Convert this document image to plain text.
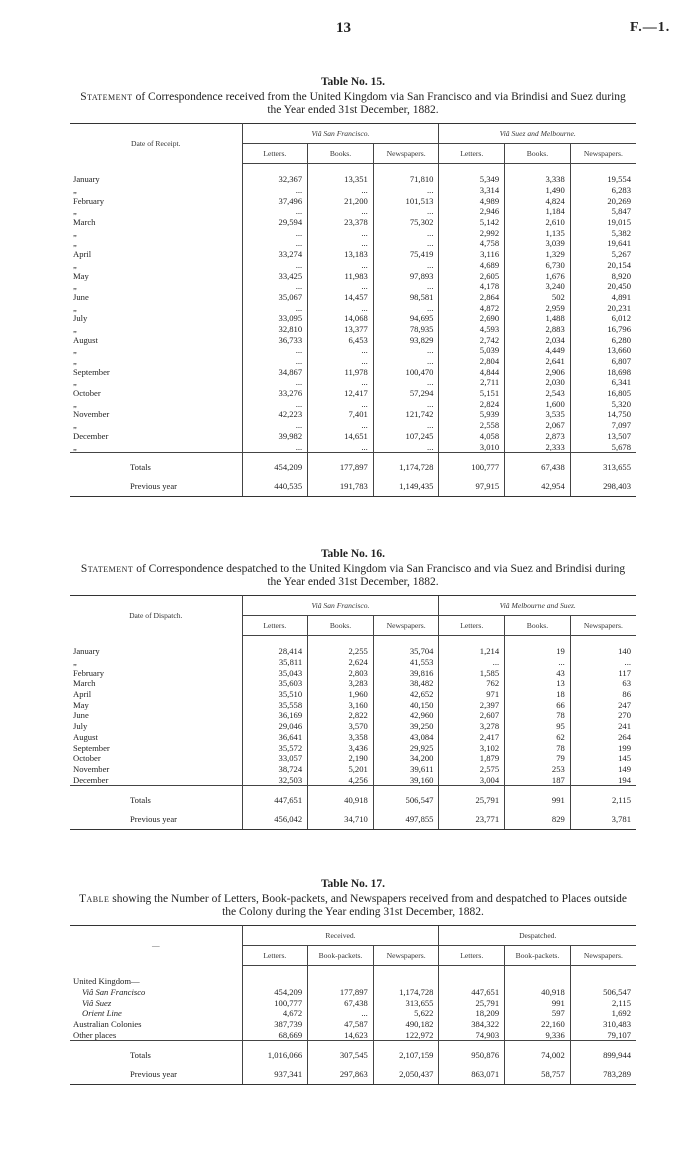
13	F.—1.
Table No. 15.
Statement of Correspondence received from the United Kingdom via San Francisco and via Brindisi and Suez during the Year ended 31st December, 1882.
Date of Receipt.	Viâ San Francisco.			Viâ Suez and Melbourne.		
	Letters.	Books.	Newspapers.	Letters.	Books.	Newspapers.
January	32,367	13,351	71,810	5,349	3,338	19,554
„	...	...	...	3,314	1,490	6,283
February	37,496	21,200	101,513	4,989	4,824	20,269
„	...	...	...	2,946	1,184	5,847
March	29,594	23,378	75,302	5,142	2,610	19,015
„	...	...	...	2,992	1,135	5,382
„	...	...	...	4,758	3,039	19,641
April	33,274	13,183	75,419	3,116	1,329	5,267
„	...	...	...	4,689	6,730	20,154
May	33,425	11,983	97,893	2,605	1,676	8,920
„	...	...	...	4,178	3,240	20,450
June	35,067	14,457	98,581	2,864	502	4,891
„	...	...	...	4,872	2,959	20,231
July	33,095	14,068	94,695	2,690	1,488	6,012
„	32,810	13,377	78,935	4,593	2,883	16,796
August	36,733	6,453	93,829	2,742	2,034	6,280
„	...	...	...	5,039	4,449	13,660
„	...	...	...	2,804	2,641	6,807
September	34,867	11,978	100,470	4,844	2,906	18,698
„	...	...	...	2,711	2,030	6,341
October	33,276	12,417	57,294	5,151	2,543	16,805
„	...	...	...	2,824	1,600	5,320
November	42,223	7,401	121,742	5,939	3,535	14,750
„	...	...	...	2,558	2,067	7,097
December	39,982	14,651	107,245	4,058	2,873	13,507
„	...	...	...	3,010	2,333	5,678
Totals	454,209	177,897	1,174,728	100,777	67,438	313,655
Previous year	440,535	191,783	1,149,435	97,915	42,954	298,403
Table No. 16.
Statement of Correspondence despatched to the United Kingdom via San Francisco and via Suez and Brindisi during the Year ended 31st December, 1882.
Date of Dispatch.	Viâ San Francisco.			Viâ Melbourne and Suez.		
	Letters.	Books.	Newspapers.	Letters.	Books.	Newspapers.
January	28,414	2,255	35,704	1,214	19	140
„	35,811	2,624	41,553	...	...	...
February	35,043	2,803	39,816	1,585	43	117
March	35,603	3,283	38,482	762	13	63
April	35,510	1,960	42,652	971	18	86
May	35,558	3,160	40,150	2,397	66	247
June	36,169	2,822	42,960	2,607	78	270
July	29,046	3,570	39,250	3,278	95	241
August	36,641	3,358	43,084	2,417	62	264
September	35,572	3,436	29,925	3,102	78	199
October	33,057	2,190	34,200	1,879	79	145
November	38,724	5,201	39,611	2,575	253	149
December	32,503	4,256	39,160	3,004	187	194
Totals	447,651	40,918	506,547	25,791	991	2,115
Previous year	456,042	34,710	497,855	23,771	829	3,781
Table No. 17.
Table showing the Number of Letters, Book-packets, and Newspapers received from and despatched to Places outside the Colony during the Year ending 31st December, 1882.
—	Received.			Despatched.		
	Letters.	Book-packets.	Newspapers.	Letters.	Book-packets.	Newspapers.
United Kingdom—						
Viâ San Francisco	454,209	177,897	1,174,728	447,651	40,918	506,547
Viâ Suez	100,777	67,438	313,655	25,791	991	2,115
Orient Line	4,672	...	5,622	18,209	597	1,692
Australian Colonies	387,739	47,587	490,182	384,322	22,160	310,483
Other places	68,669	14,623	122,972	74,903	9,336	79,107
Totals	1,016,066	307,545	2,107,159	950,876	74,002	899,944
Previous year	937,341	297,863	2,050,437	863,071	58,757	783,289
